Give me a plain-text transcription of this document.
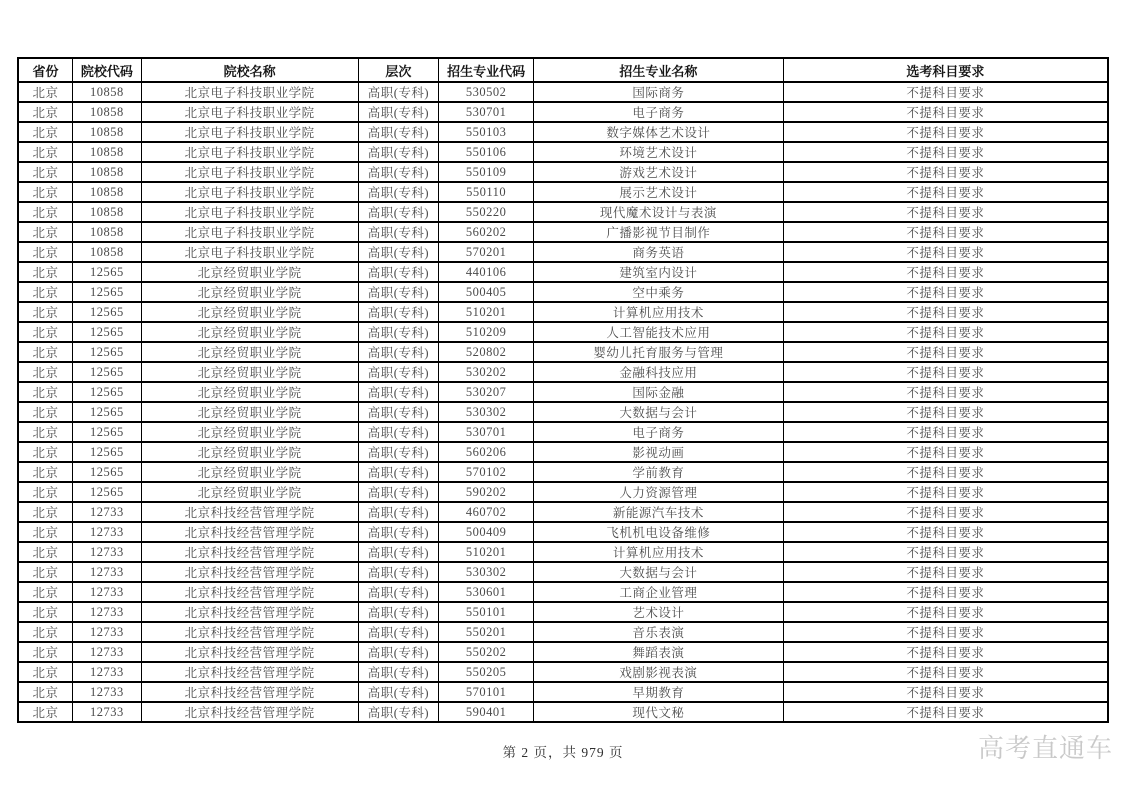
省份	院校代码	院校名称	层次	招生专业代码	招生专业名称	选考科目要求
北京	10858	北京电子科技职业学院	高职(专科)	530502	国际商务	不提科目要求
北京	10858	北京电子科技职业学院	高职(专科)	530701	电子商务	不提科目要求
北京	10858	北京电子科技职业学院	高职(专科)	550103	数字媒体艺术设计	不提科目要求
北京	10858	北京电子科技职业学院	高职(专科)	550106	环境艺术设计	不提科目要求
北京	10858	北京电子科技职业学院	高职(专科)	550109	游戏艺术设计	不提科目要求
北京	10858	北京电子科技职业学院	高职(专科)	550110	展示艺术设计	不提科目要求
北京	10858	北京电子科技职业学院	高职(专科)	550220	现代魔术设计与表演	不提科目要求
北京	10858	北京电子科技职业学院	高职(专科)	560202	广播影视节目制作	不提科目要求
北京	10858	北京电子科技职业学院	高职(专科)	570201	商务英语	不提科目要求
北京	12565	北京经贸职业学院	高职(专科)	440106	建筑室内设计	不提科目要求
北京	12565	北京经贸职业学院	高职(专科)	500405	空中乘务	不提科目要求
北京	12565	北京经贸职业学院	高职(专科)	510201	计算机应用技术	不提科目要求
北京	12565	北京经贸职业学院	高职(专科)	510209	人工智能技术应用	不提科目要求
北京	12565	北京经贸职业学院	高职(专科)	520802	婴幼儿托育服务与管理	不提科目要求
北京	12565	北京经贸职业学院	高职(专科)	530202	金融科技应用	不提科目要求
北京	12565	北京经贸职业学院	高职(专科)	530207	国际金融	不提科目要求
北京	12565	北京经贸职业学院	高职(专科)	530302	大数据与会计	不提科目要求
北京	12565	北京经贸职业学院	高职(专科)	530701	电子商务	不提科目要求
北京	12565	北京经贸职业学院	高职(专科)	560206	影视动画	不提科目要求
北京	12565	北京经贸职业学院	高职(专科)	570102	学前教育	不提科目要求
北京	12565	北京经贸职业学院	高职(专科)	590202	人力资源管理	不提科目要求
北京	12733	北京科技经营管理学院	高职(专科)	460702	新能源汽车技术	不提科目要求
北京	12733	北京科技经营管理学院	高职(专科)	500409	飞机机电设备维修	不提科目要求
北京	12733	北京科技经营管理学院	高职(专科)	510201	计算机应用技术	不提科目要求
北京	12733	北京科技经营管理学院	高职(专科)	530302	大数据与会计	不提科目要求
北京	12733	北京科技经营管理学院	高职(专科)	530601	工商企业管理	不提科目要求
北京	12733	北京科技经营管理学院	高职(专科)	550101	艺术设计	不提科目要求
北京	12733	北京科技经营管理学院	高职(专科)	550201	音乐表演	不提科目要求
北京	12733	北京科技经营管理学院	高职(专科)	550202	舞蹈表演	不提科目要求
北京	12733	北京科技经营管理学院	高职(专科)	550205	戏剧影视表演	不提科目要求
北京	12733	北京科技经营管理学院	高职(专科)	570101	早期教育	不提科目要求
北京	12733	北京科技经营管理学院	高职(专科)	590401	现代文秘	不提科目要求
第 2 页，共 979 页	高考直通车
